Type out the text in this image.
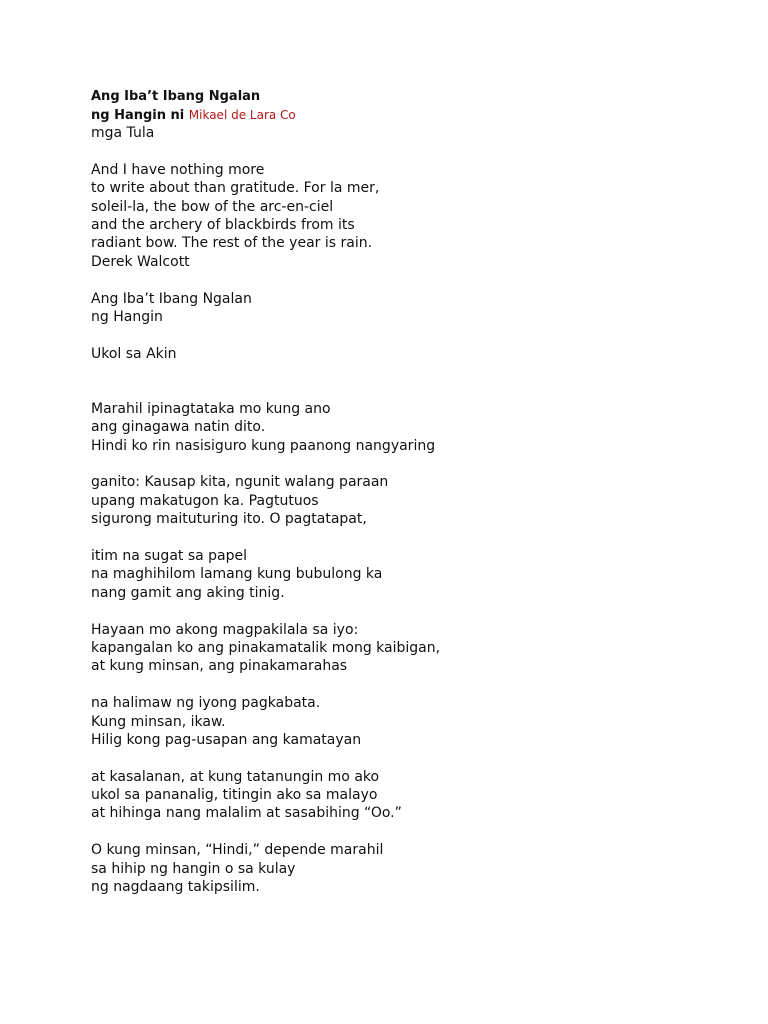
Ang Iba’t Ibang Ngalan
ng Hangin ni Mikael de Lara Co
mga Tula
And I have nothing more
to write about than gratitude. For la mer,
soleil-la, the bow of the arc-en-ciel
and the archery of blackbirds from its
radiant bow. The rest of the year is rain.
Derek Walcott
Ang Iba’t Ibang Ngalan
ng Hangin
Ukol sa Akin
Marahil ipinagtataka mo kung ano
ang ginagawa natin dito.
Hindi ko rin nasisiguro kung paanong nangyaring
ganito: Kausap kita, ngunit walang paraan
upang makatugon ka. Pagtutuos
sigurong maituturing ito. O pagtatapat,
itim na sugat sa papel
na maghihilom lamang kung bubulong ka
nang gamit ang aking tinig.
Hayaan mo akong magpakilala sa iyo:
kapangalan ko ang pinakamatalik mong kaibigan,
at kung minsan, ang pinakamarahas
na halimaw ng iyong pagkabata.
Kung minsan, ikaw.
Hilig kong pag-usapan ang kamatayan
at kasalanan, at kung tatanungin mo ako
ukol sa pananalig, titingin ako sa malayo
at hihinga nang malalim at sasabihing “Oo.”
O kung minsan, “Hindi,” depende marahil
sa hihip ng hangin o sa kulay
ng nagdaang takipsilim.
